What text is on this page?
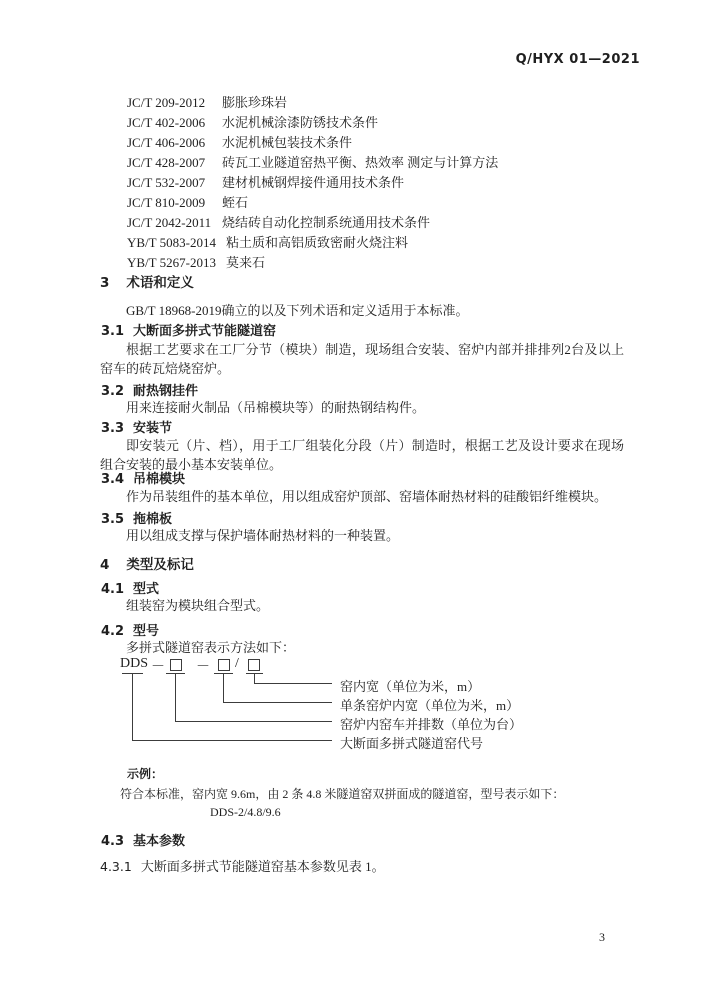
Q/HYX 01—2021
JC/T 209-2012 膨胀珍珠岩
JC/T 402-2006 水泥机械涂漆防锈技术条件
JC/T 406-2006 水泥机械包装技术条件
JC/T 428-2007 砖瓦工业隧道窑热平衡、热效率 测定与计算方法
JC/T 532-2007 建材机械钢焊接件通用技术条件
JC/T 810-2009 蛭石
JC/T 2042-2011 烧结砖自动化控制系统通用技术条件
YB/T 5083-2014 粘土质和高铝质致密耐火烧注料
YB/T 5267-2013 莫来石
3 术语和定义
GB/T 18968-2019确立的以及下列术语和定义适用于本标准。
3.1 大断面多拼式节能隧道窑
根据工艺要求在工厂分节（模块）制造，现场组合安装、窑炉内部并排排列2台及以上窑车的砖瓦焙烧窑炉。
3.2 耐热钢挂件
用来连接耐火制品（吊棉模块等）的耐热钢结构件。
3.3 安装节
即安装元（片、档），用于工厂组装化分段（片）制造时，根据工艺及设计要求在现场组合安装的最小基本安装单位。
3.4 吊棉模块
作为吊装组件的基本单位，用以组成窑炉顶部、窑墙体耐热材料的硅酸铝纤维模块。
3.5 拖棉板
用以组成支撑与保护墙体耐热材料的一种装置。
4 类型及标记
4.1 型式
组装窑为模块组合型式。
4.2 型号
多拼式隧道窑表示方法如下：
DDS － － /
窑内宽（单位为米，m）
单条窑炉内宽（单位为米，m）
窑炉内窑车并排数（单位为台）
大断面多拼式隧道窑代号
示例：
符合本标准，窑内宽 9.6m，由 2 条 4.8 米隧道窑双拼面成的隧道窑，型号表示如下：
DDS-2/4.8/9.6
4.3 基本参数
4.3.1 大断面多拼式节能隧道窑基本参数见表 1。
3
